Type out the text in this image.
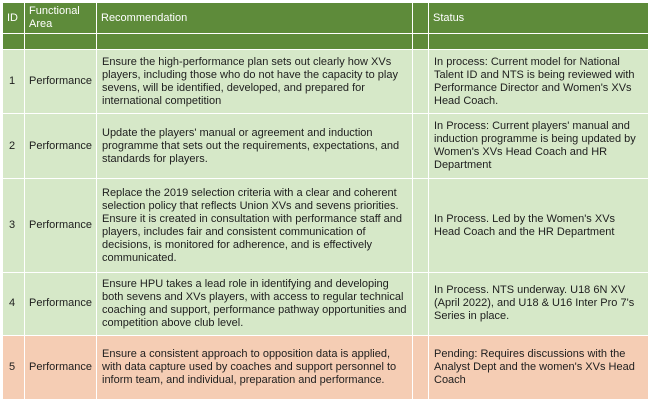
ID	Functional Area	Recommendation		Status

1	Performance	Ensure the high-performance plan sets out clearly how XVs players, including those who do not have the capacity to play sevens, will be identified, developed, and prepared for international competition		In process: Current model for National Talent ID and NTS is being reviewed with Performance Director and Women's XVs Head Coach.
2	Performance	Update the players' manual or agreement and induction programme that sets out the requirements, expectations, and standards for players.		In Process: Current players' manual and induction programme is being updated by Women's XVs Head Coach and HR Department
3	Performance	Replace the 2019 selection criteria with a clear and coherent selection policy that reflects Union XVs and sevens priorities. Ensure it is created in consultation with performance staff and players, includes fair and consistent communication of decisions, is monitored for adherence, and is effectively communicated.		In Process. Led by the Women's XVs Head Coach and the HR Department
4	Performance	Ensure HPU takes a lead role in identifying and developing both sevens and XVs players, with access to regular technical coaching and support, performance pathway opportunities and competition above club level.		In Process. NTS underway. U18 6N XV (April 2022), and U18 & U16 Inter Pro 7's Series in place.
5	Performance	Ensure a consistent approach to opposition data is applied, with data capture used by coaches and support personnel to inform team, and individual, preparation and performance.		Pending: Requires discussions with the Analyst Dept and the women's XVs Head Coach
